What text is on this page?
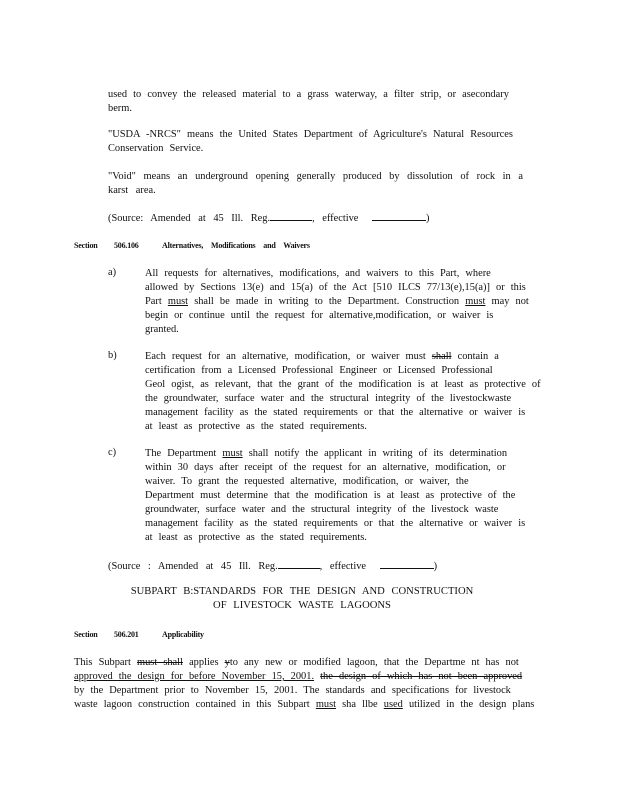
used to convey the released material to a grass waterway, a filter strip, or asecondary
berm.
"USDA -NRCS" means the United States Department of Agriculture's Natural Resources
Conservation Service.
"Void" means an underground opening generally produced by dissolution of rock in a
karst area.
(Source: Amended at 45 Ill. Reg.	, effective	)
Section 506.106	Alternatives, Modifications and Waivers
a)	All requests for alternatives, modifications, and waivers to this Part, where
allowed by Sections 13(e) and 15(a) of the Act [510 ILCS 77/13(e),15(a)] or this
Part must shall be made in writing to the Department. Construction must may not
begin or continue until the request for alternative,modification, or waiver is
granted.
b)	Each request for an alternative, modification, or waiver must shall contain a
certification from a Licensed Professional Engineer or Licensed Professional
Geol ogist, as relevant, that the grant of the modification is at least as protective of
the groundwater, surface water and the structural integrity of the livestockwaste
management facility as the stated requirements or that the alternative or waiver is
at least as protective as the stated requirements.
c)	The Department must shall notify the applicant in writing of its determination
within 30 days after receipt of the request for an alternative, modification, or
waiver. To grant the requested alternative, modification, or waiver, the
Department must determine that the modification is at least as protective of the
groundwater, surface water and the structural integrity of the livestock waste
management facility as the stated requirements or that the alternative or waiver is
at least as protective as the stated requirements.
(Source : Amended at 45 Ill. Reg.	, effective	)
SUBPART B:STANDARDS FOR THE DESIGN AND CONSTRUCTION
OF LIVESTOCK WASTE LAGOONS
Section 506.201	Applicability
This Subpart must shall applies yto any new or modified lagoon, that the Departme nt has not
approved the design for before November 15, 2001. the design of which has not been approved
by the Department prior to November 15, 2001. The standards and specifications for livestock
waste lagoon construction contained in this Subpart must sha llbe used utilized in the design plans
